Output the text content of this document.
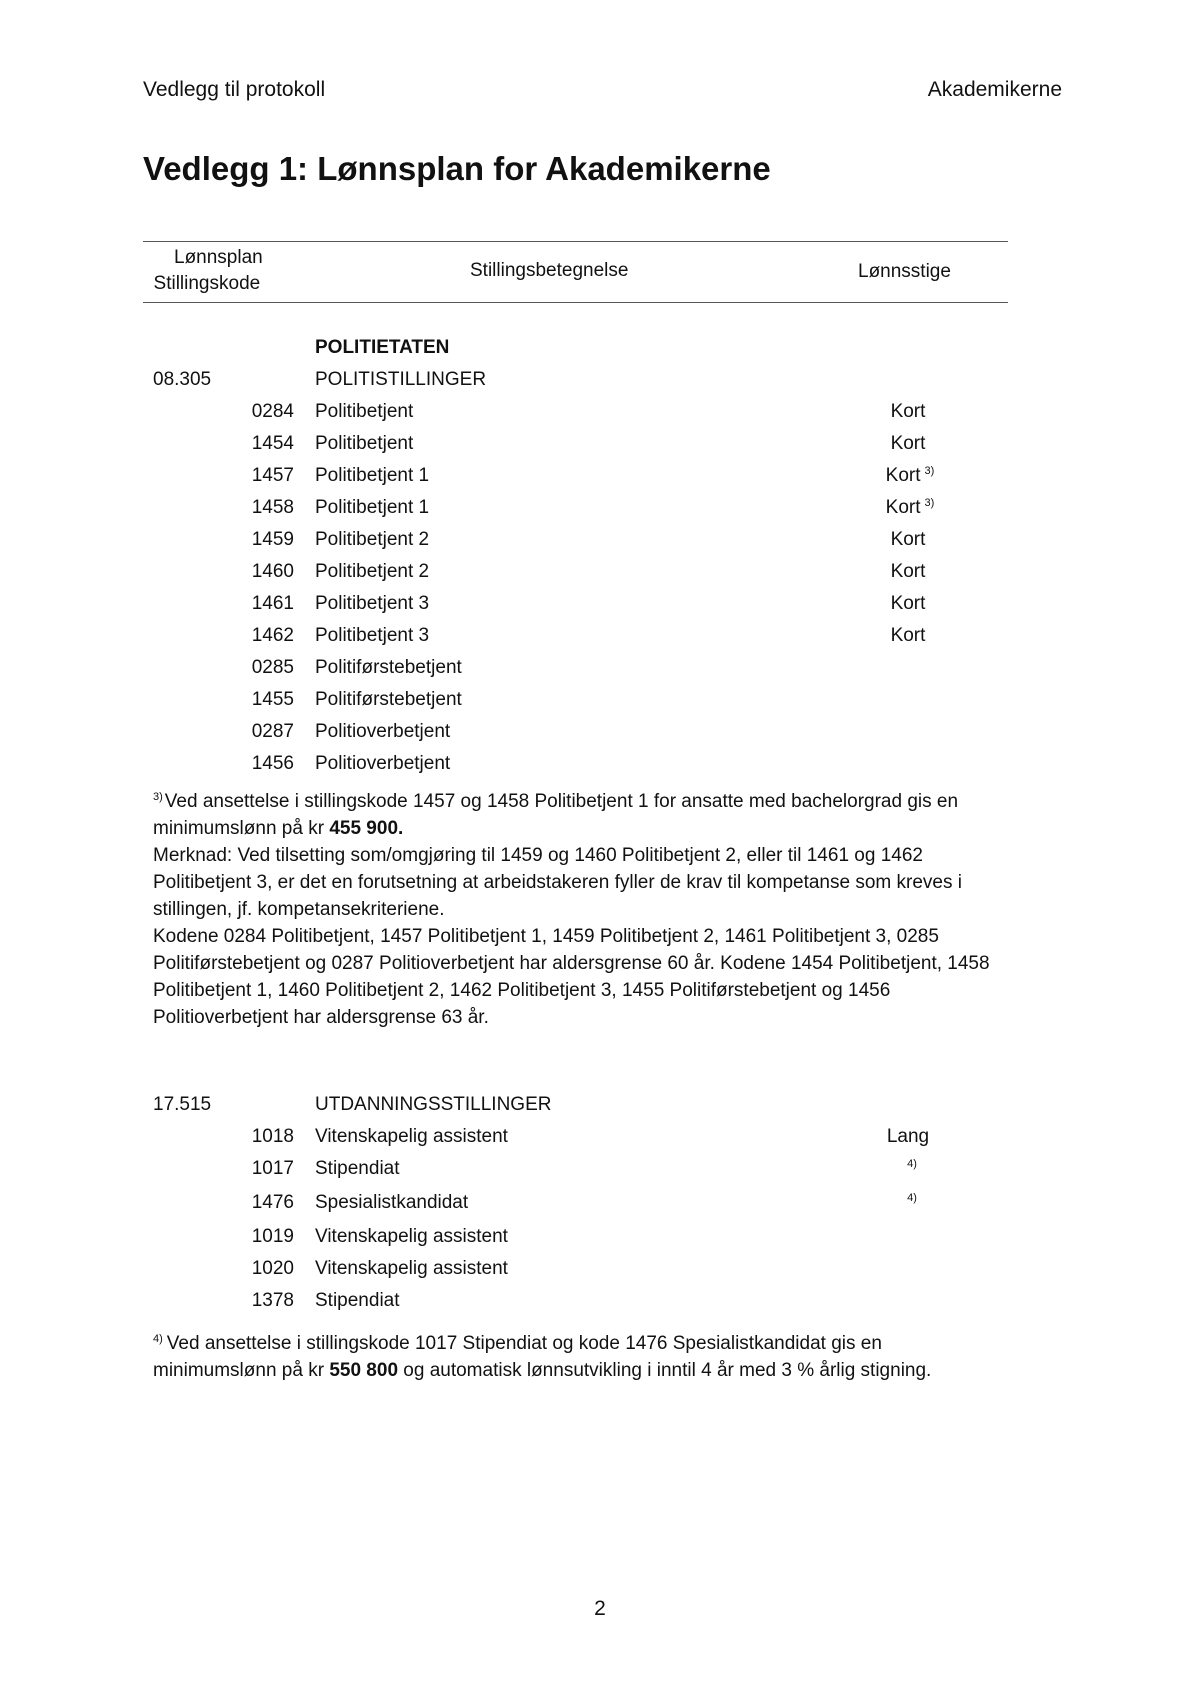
Vedlegg til protokoll	Akademikerne
Vedlegg 1: Lønnsplan for Akademikerne
Lønnsplan
Stillingskode
Stillingsbetegnelse	Lønnsstige
POLITIETATEN
08.305	POLITISTILLINGER
0284 Politibetjent	Kort
1454 Politibetjent	Kort
1457 Politibetjent 1	Kort $^{3)}$
1458 Politibetjent 1	Kort $^{3)}$
1459 Politibetjent 2	Kort
1460 Politibetjent 2	Kort
1461 Politibetjent 3	Kort
1462 Politibetjent 3	Kort
0285 Politiførstebetjent
1455 Politiførstebetjent
0287 Politioverbetjent
1456 Politioverbetjent

$^{3)}$ Ved ansettelse i stillingskode 1457 og 1458 Politibetjent 1 for ansatte med bachelorgrad gis en minimumslønn på kr 455 900.

Merknad: Ved tilsetting som/omgjøring til 1459 og 1460 Politibetjent 2, eller til 1461 og 1462 Politibetjent 3, er det en forutsetning at arbeidstakeren fyller de krav til kompetanse som kreves i stillingen, jf. kompetansekriteriene.

Kodene 0284 Politibetjent, 1457 Politibetjent 1, 1459 Politibetjent 2, 1461 Politibetjent 3, 0285 Politiførstebetjent og 0287 Politioverbetjent har aldersgrense 60 år. Kodene 1454 Politibetjent, 1458 Politibetjent 1, 1460 Politibetjent 2, 1462 Politibetjent 3, 1455 Politiførstebetjent og 1456 Politioverbetjent har aldersgrense 63 år.

17.515	UTDANNINGSSTILLINGER
1018 Vitenskapelig assistent	Lang
1017 Stipendiat	$^{4)}$
1476 Spesialistkandidat	$^{4)}$
1019 Vitenskapelig assistent
1020 Vitenskapelig assistent
1378 Stipendiat

$^{4)}$ Ved ansettelse i stillingskode 1017 Stipendiat og kode 1476 Spesialistkandidat gis en minimumslønn på kr 550 800 og automatisk lønnsutvikling i inntil 4 år med 3 % årlig stigning.

2
